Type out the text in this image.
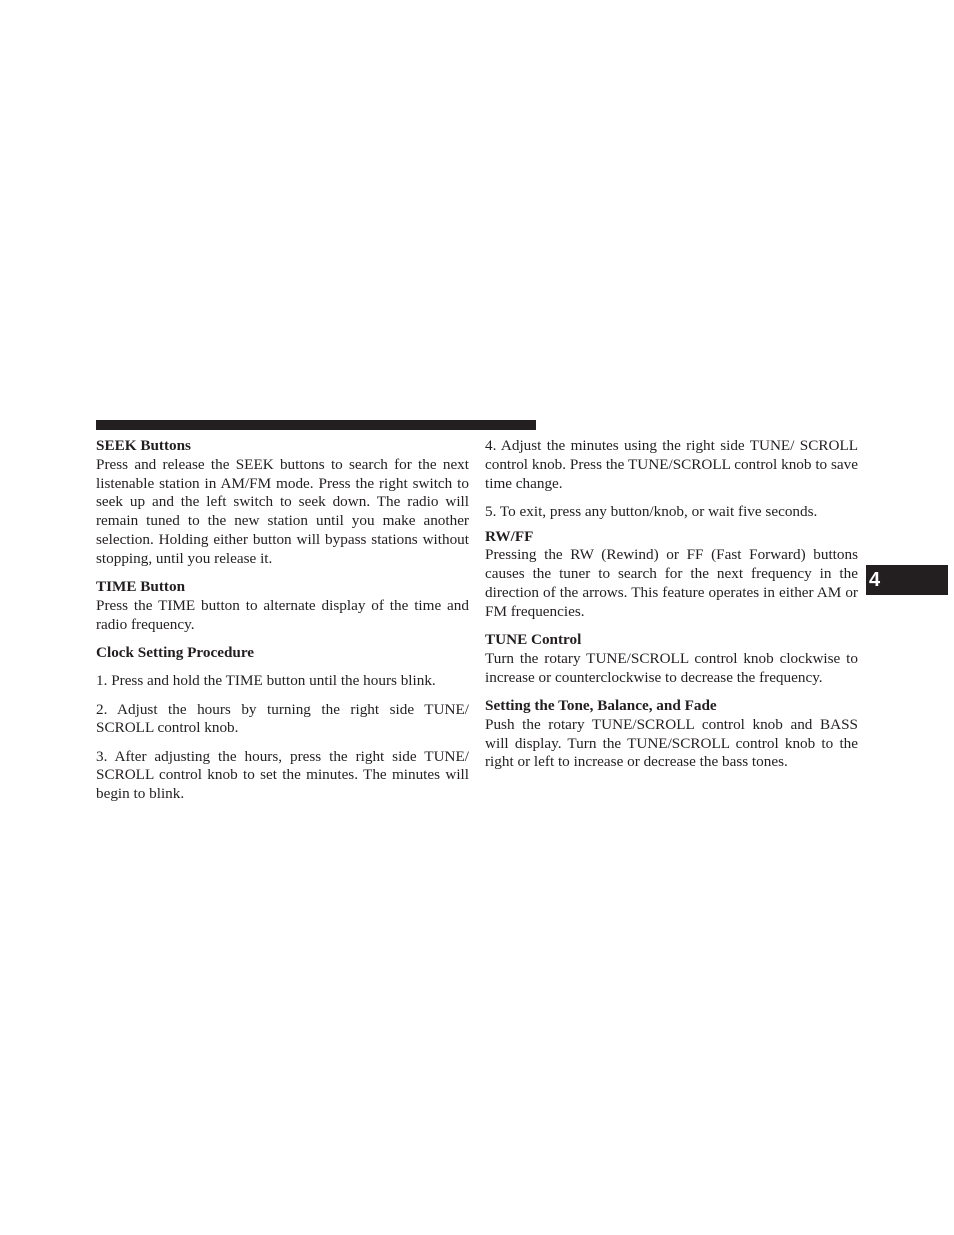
SEEK Buttons

Press and release the SEEK buttons to search for the next listenable station in AM/FM mode. Press the right switch to seek up and the left switch to seek down. The radio will remain tuned to the new station until you make another selection. Holding either button will bypass stations without stopping, until you release it.

TIME Button

Press the TIME button to alternate display of the time and radio frequency.

Clock Setting Procedure

1. Press and hold the TIME button until the hours blink.

2. Adjust the hours by turning the right side TUNE/ SCROLL control knob.

3. After adjusting the hours, press the right side TUNE/ SCROLL control knob to set the minutes. The minutes will begin to blink.

4. Adjust the minutes using the right side TUNE/ SCROLL control knob. Press the TUNE/SCROLL control knob to save time change.

5. To exit, press any button/knob, or wait five seconds.

RW/FF

Pressing the RW (Rewind) or FF (Fast Forward) buttons causes the tuner to search for the next frequency in the direction of the arrows. This feature operates in either AM or FM frequencies.

TUNE Control

Turn the rotary TUNE/SCROLL control knob clockwise to increase or counterclockwise to decrease the frequency.

Setting the Tone, Balance, and Fade

Push the rotary TUNE/SCROLL control knob and BASS will display. Turn the TUNE/SCROLL control knob to the right or left to increase or decrease the bass tones.

4
